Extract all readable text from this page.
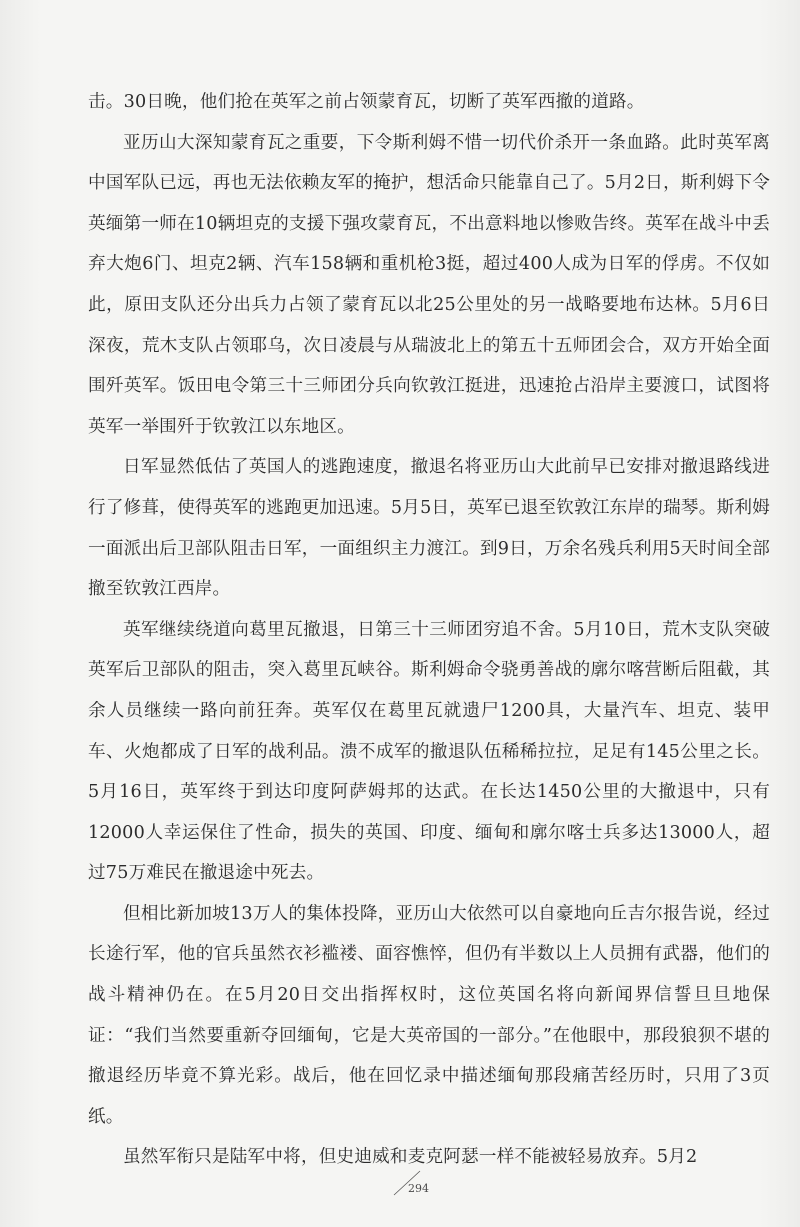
击。30日晚，他们抢在英军之前占领蒙育瓦，切断了英军西撤的道路。

亚历山大深知蒙育瓦之重要，下令斯利姆不惜一切代价杀开一条血路。此时英军离中国军队已远，再也无法依赖友军的掩护，想活命只能靠自己了。5月2日，斯利姆下令英缅第一师在10辆坦克的支援下强攻蒙育瓦，不出意料地以惨败告终。英军在战斗中丢弃大炮6门、坦克2辆、汽车158辆和重机枪3挺，超过400人成为日军的俘虏。不仅如此，原田支队还分出兵力占领了蒙育瓦以北25公里处的另一战略要地布达林。5月6日深夜，荒木支队占领耶乌，次日凌晨与从瑞波北上的第五十五师团会合，双方开始全面围歼英军。饭田电令第三十三师团分兵向钦敦江挺进，迅速抢占沿岸主要渡口，试图将英军一举围歼于钦敦江以东地区。

日军显然低估了英国人的逃跑速度，撤退名将亚历山大此前早已安排对撤退路线进行了修葺，使得英军的逃跑更加迅速。5月5日，英军已退至钦敦江东岸的瑞琴。斯利姆一面派出后卫部队阻击日军，一面组织主力渡江。到9日，万余名残兵利用5天时间全部撤至钦敦江西岸。

英军继续绕道向葛里瓦撤退，日第三十三师团穷追不舍。5月10日，荒木支队突破英军后卫部队的阻击，突入葛里瓦峡谷。斯利姆命令骁勇善战的廓尔喀营断后阻截，其余人员继续一路向前狂奔。英军仅在葛里瓦就遗尸1200具，大量汽车、坦克、装甲车、火炮都成了日军的战利品。溃不成军的撤退队伍稀稀拉拉，足足有145公里之长。5月16日，英军终于到达印度阿萨姆邦的达武。在长达1450公里的大撤退中，只有12000人幸运保住了性命，损失的英国、印度、缅甸和廓尔喀士兵多达13000人，超过75万难民在撤退途中死去。

但相比新加坡13万人的集体投降，亚历山大依然可以自豪地向丘吉尔报告说，经过长途行军，他的官兵虽然衣衫褴褛、面容憔悴，但仍有半数以上人员拥有武器，他们的战斗精神仍在。在5月20日交出指挥权时，这位英国名将向新闻界信誓旦旦地保证：“我们当然要重新夺回缅甸，它是大英帝国的一部分。”在他眼中，那段狼狈不堪的撤退经历毕竟不算光彩。战后，他在回忆录中描述缅甸那段痛苦经历时，只用了3页纸。

虽然军衔只是陆军中将，但史迪威和麦克阿瑟一样不能被轻易放弃。5月2

294
